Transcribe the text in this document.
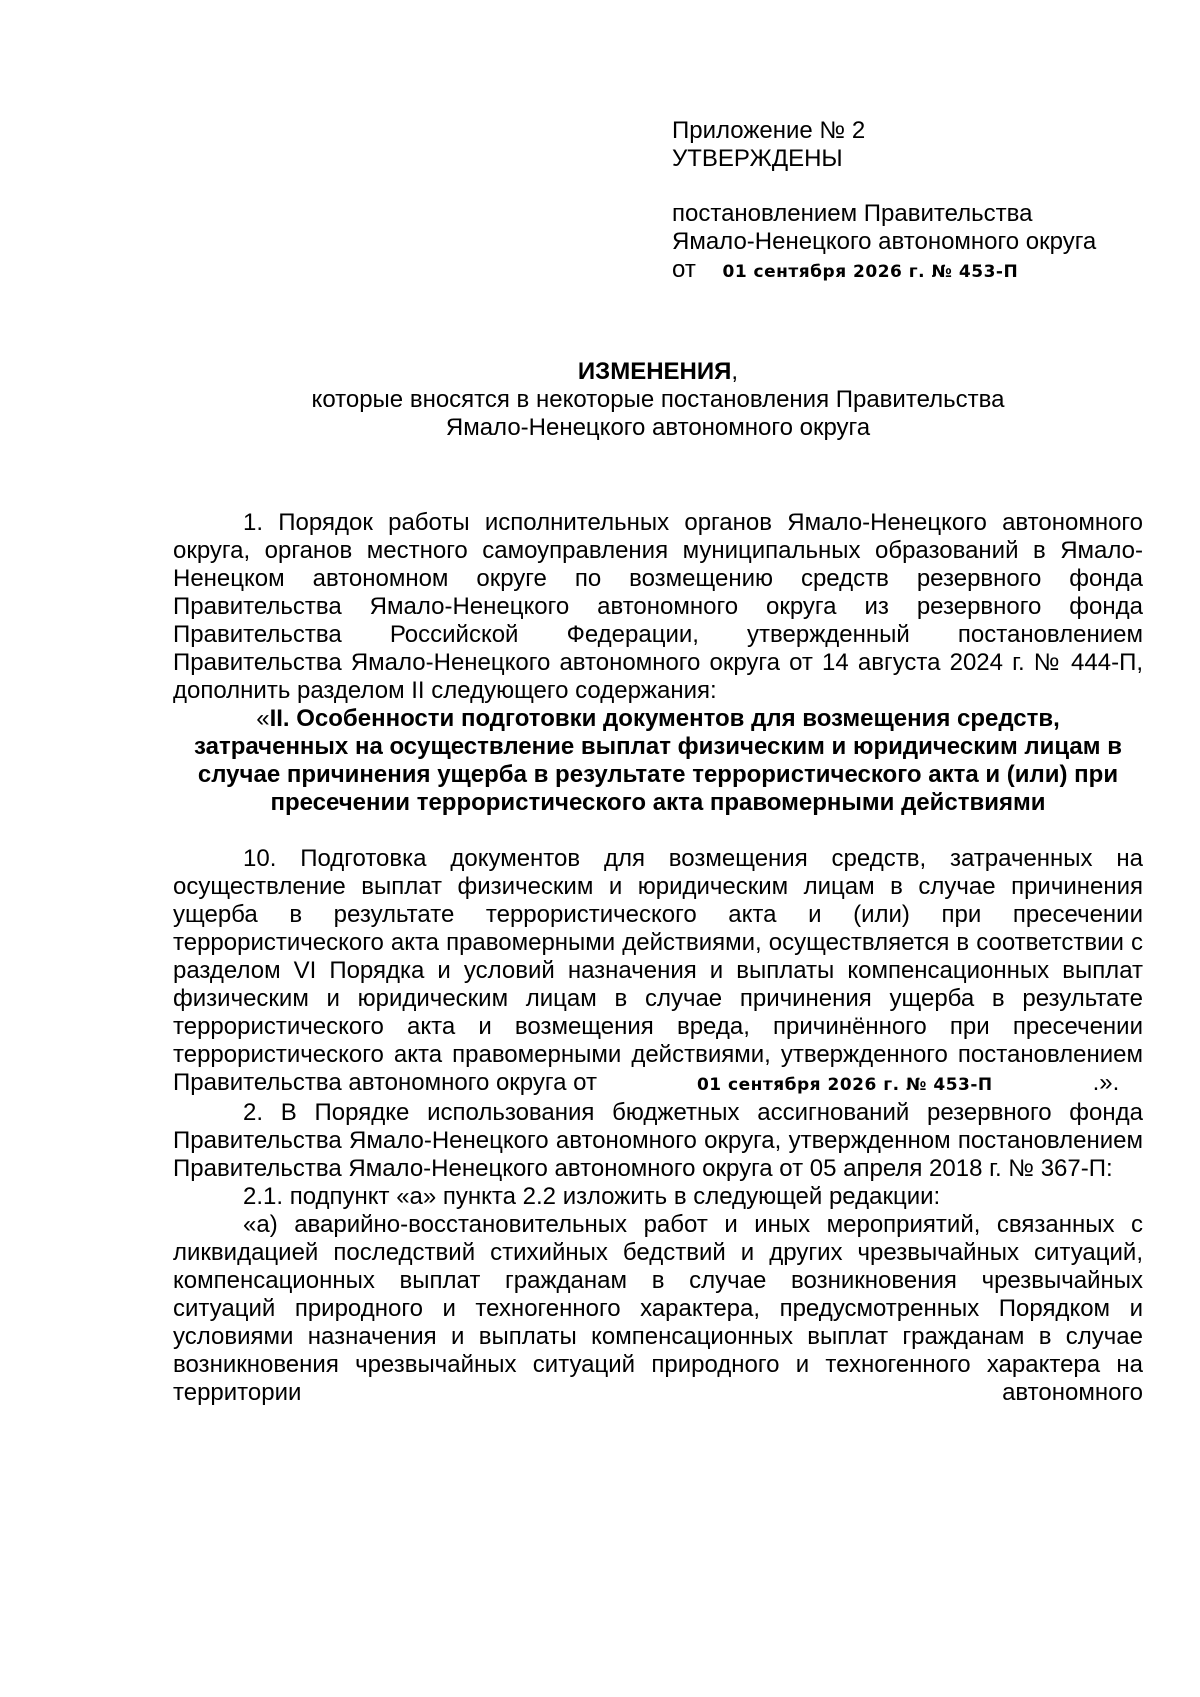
Приложение № 2
УТВЕРЖДЕНЫ
постановлением Правительства
Ямало-Ненецкого автономного округа
от 01 сентября 2026 г. № 453-П
ИЗМЕНЕНИЯ,
которые вносятся в некоторые постановления Правительства
Ямало-Ненецкого автономного округа
1. Порядок работы исполнительных органов Ямало-Ненецкого автономного округа, органов местного самоуправления муниципальных образований в Ямало-Ненецком автономном округе по возмещению средств резервного фонда Правительства Ямало-Ненецкого автономного округа из резервного фонда Правительства Российской Федерации, утвержденный постановлением Правительства Ямало-Ненецкого автономного округа от 14 августа 2024 г. № 444-П, дополнить разделом II следующего содержания:
«II. Особенности подготовки документов для возмещения средств, затраченных на осуществление выплат физическим и юридическим лицам в случае причинения ущерба в результате террористического акта и (или) при пресечении террористического акта правомерными действиями
10. Подготовка документов для возмещения средств, затраченных на осуществление выплат физическим и юридическим лицам в случае причинения ущерба в результате террористического акта и (или) при пресечении террористического акта правомерными действиями, осуществляется в соответствии с разделом VI Порядка и условий назначения и выплаты компенсационных выплат физическим и юридическим лицам в случае причинения ущерба в результате террористического акта и возмещения вреда, причинённого при пресечении террористического акта правомерными действиями, утвержденного постановлением Правительства автономного округа от	01 сентября 2026 г. № 453-П	.».
2. В Порядке использования бюджетных ассигнований резервного фонда Правительства Ямало-Ненецкого автономного округа, утвержденном постановлением Правительства Ямало-Ненецкого автономного округа от 05 апреля 2018 г. № 367-П:
2.1. подпункт «а» пункта 2.2 изложить в следующей редакции:
«а) аварийно-восстановительных работ и иных мероприятий, связанных с ликвидацией последствий стихийных бедствий и других чрезвычайных ситуаций, компенсационных выплат гражданам в случае возникновения чрезвычайных ситуаций природного и техногенного характера, предусмотренных Порядком и условиями назначения и выплаты компенсационных выплат гражданам в случае возникновения чрезвычайных ситуаций природного и техногенного характера на территории автономного
